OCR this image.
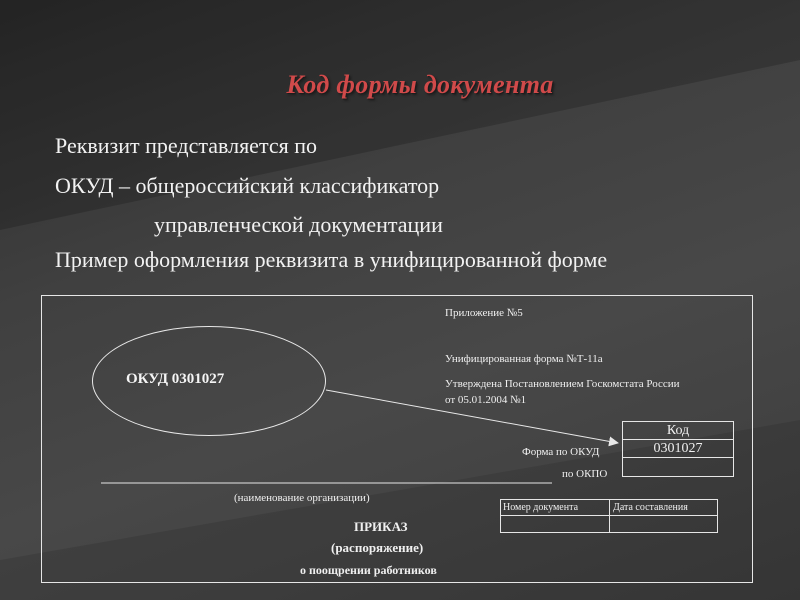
Код формы документа
Реквизит представляется по
ОКУД – общероссийский классификатор
управленческой документации
Пример оформления реквизита в унифицированной форме
Приложение №5
Унифицированная форма №Т-11а
Утверждена Постановлением Госкомстата России
от 05.01.2004 №1
ОКУД 0301027
Код
0301027
Форма по ОКУД
по ОКПО
(наименование организации)
Номер документа	Дата составления
ПРИКАЗ
(распоряжение)
о поощрении работников
